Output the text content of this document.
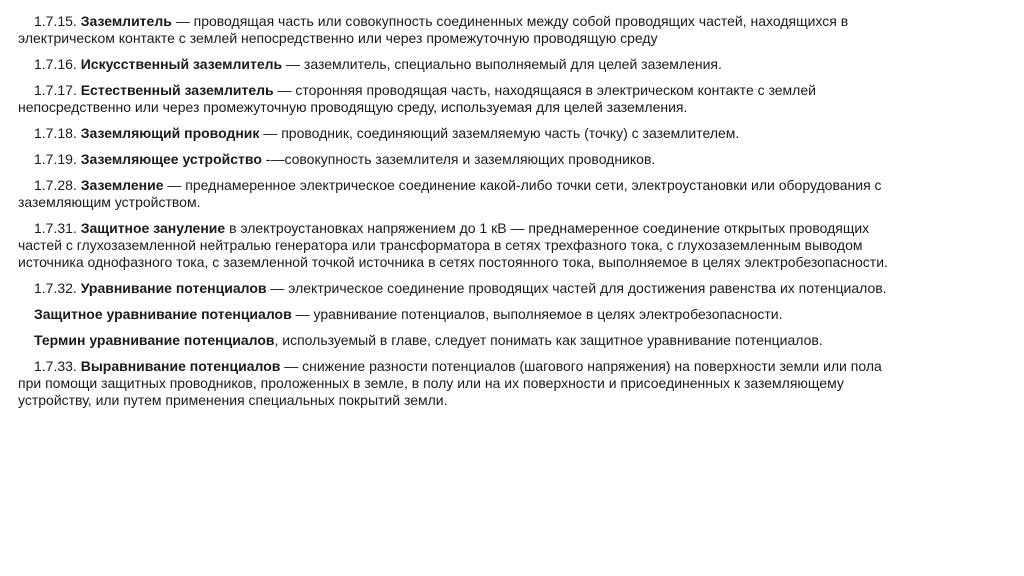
1.7.15. Заземлитель — проводящая часть или совокупность соединенных между собой проводящих частей, находящихся в электрическом контакте с землей непосредственно или через промежуточную проводящую среду

1.7.16. Искусственный заземлитель — заземлитель, специально выполняемый для целей заземления.

1.7.17. Естественный заземлитель — сторонняя проводящая часть, находящаяся в электрическом контакте с землей непосредственно или через промежуточную проводящую среду, используемая для целей заземления.

1.7.18. Заземляющий проводник — проводник, соединяющий заземляемую часть (точку) с заземлителем.

1.7.19. Заземляющее устройство -—совокупность заземлителя и заземляющих проводников.

1.7.28. Заземление — преднамеренное электрическое соединение какой-либо точки сети, электроустановки или оборудования с заземляющим устройством.

1.7.31. Защитное зануление в электроустановках напряжением до 1 кВ — преднамеренное соединение открытых проводящих частей с глухозаземленной нейтралью генератора или трансформатора в сетях трехфазного тока, с глухозаземленным выводом источника однофазного тока, с заземленной точкой источника в сетях постоянного тока, выполняемое в целях электробезопасности.

1.7.32. Уравнивание потенциалов — электрическое соединение проводящих частей для достижения равенства их потенциалов.

Защитное уравнивание потенциалов — уравнивание потенциалов, выполняемое в целях электробезопасности.

Термин уравнивание потенциалов, используемый в главе, следует понимать как защитное уравнивание потенциалов.

1.7.33. Выравнивание потенциалов — снижение разности потенциалов (шагового напряжения) на поверхности земли или пола при помощи защитных проводников, проложенных в земле, в полу или на их поверхности и присоединенных к заземляющему устройству, или путем применения специальных покрытий земли.
